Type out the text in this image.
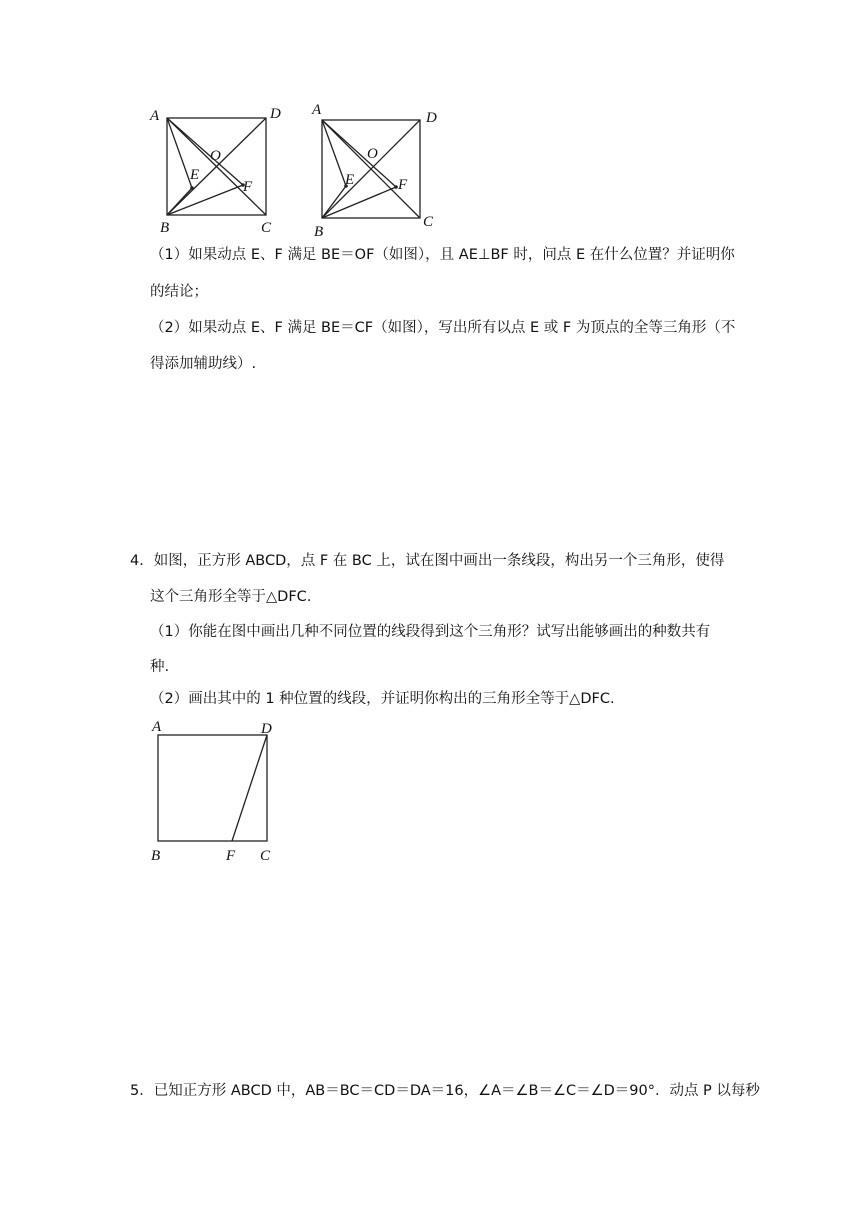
A	D
O
E
F
B	C
A	D
O
E	F
B
C
（1）如果动点 E、F 满足 BE＝OF（如图），且 AE⊥BF 时，问点 E 在什么位置？并证明你
的结论；
（2）如果动点 E、F 满足 BE＝CF（如图），写出所有以点 E 或 F 为顶点的全等三角形（不
得添加辅助线）.
4．如图，正方形 ABCD，点 F 在 BC 上，试在图中画出一条线段，构出另一个三角形，使得
这个三角形全等于△DFC.
（1）你能在图中画出几种不同位置的线段得到这个三角形？试写出能够画出的种数共有
种.
（2）画出其中的 1 种位置的线段，并证明你构出的三角形全等于△DFC.
A	D
B	F C
5．已知正方形 ABCD 中，AB＝BC＝CD＝DA＝16，∠A＝∠B＝∠C＝∠D＝90°．动点 P 以每秒
